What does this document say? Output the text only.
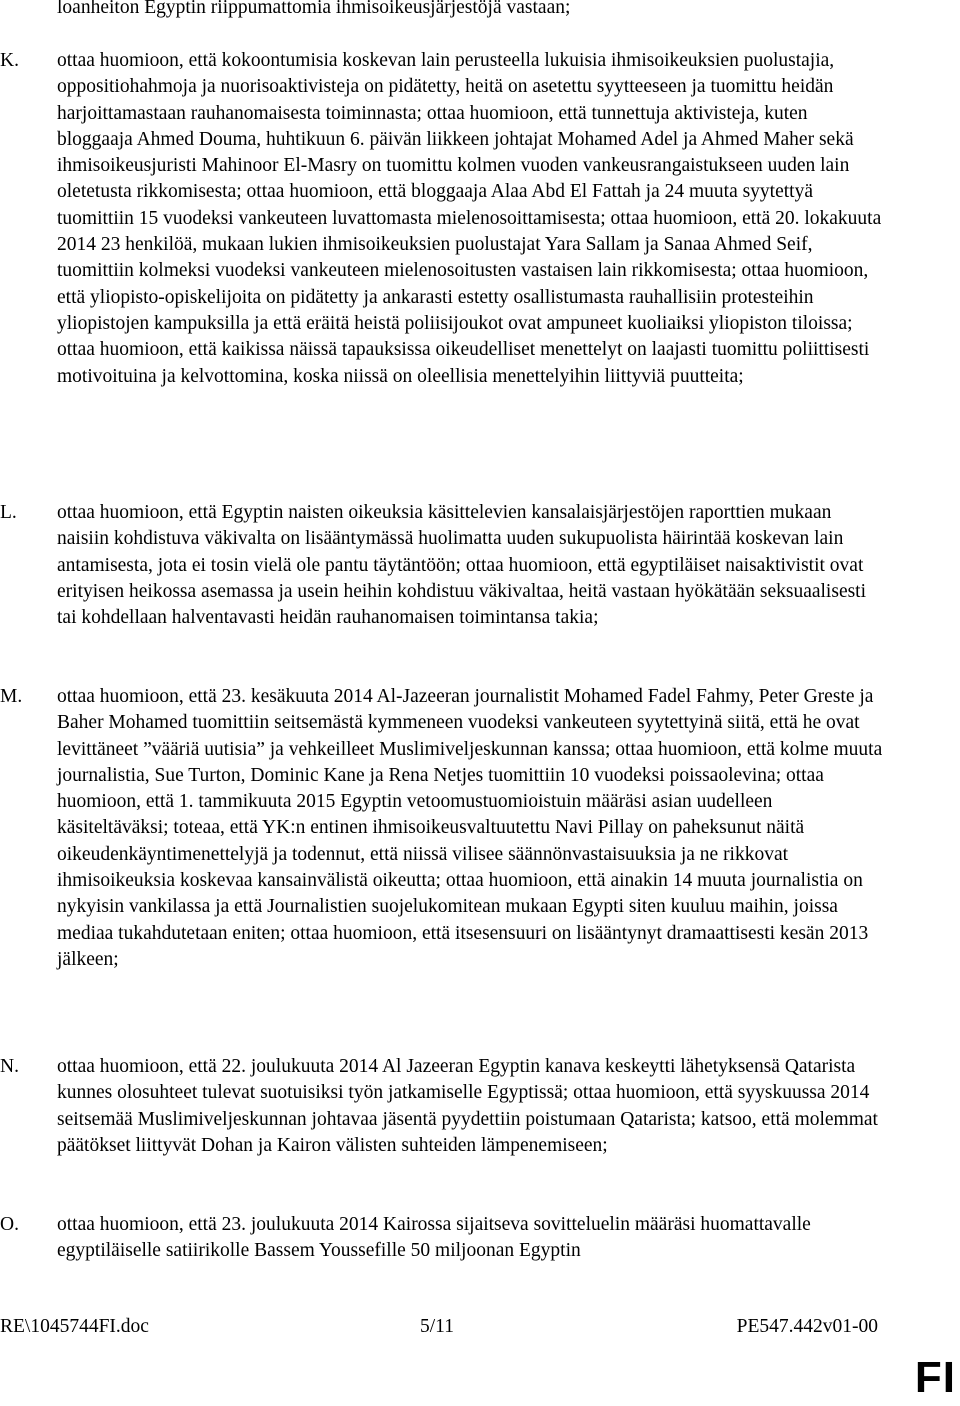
loanheiton Egyptin riippumattomia ihmisoikeusjärjestöjä vastaan;

K. ottaa huomioon, että kokoontumisia koskevan lain perusteella lukuisia ihmisoikeuksien puolustajia, oppositiohahmoja ja nuorisoaktivisteja on pidätetty, heitä on asetettu syytteeseen ja tuomittu heidän harjoittamastaan rauhanomaisesta toiminnasta; ottaa huomioon, että tunnettuja aktivisteja, kuten bloggaaja Ahmed Douma, huhtikuun 6. päivän liikkeen johtajat Mohamed Adel ja Ahmed Maher sekä ihmisoikeusjuristi Mahinoor El-Masry on tuomittu kolmen vuoden vankeusrangaistukseen uuden lain oletetusta rikkomisesta; ottaa huomioon, että bloggaaja Alaa Abd El Fattah ja 24 muuta syytettyä tuomittiin 15 vuodeksi vankeuteen luvattomasta mielenosoittamisesta; ottaa huomioon, että 20. lokakuuta 2014 23 henkilöä, mukaan lukien ihmisoikeuksien puolustajat Yara Sallam ja Sanaa Ahmed Seif, tuomittiin kolmeksi vuodeksi vankeuteen mielenosoitusten vastaisen lain rikkomisesta; ottaa huomioon, että yliopisto-opiskelijoita on pidätetty ja ankarasti estetty osallistumasta rauhallisiin protesteihin yliopistojen kampuksilla ja että eräitä heistä poliisijoukot ovat ampuneet kuoliaiksi yliopiston tiloissa; ottaa huomioon, että kaikissa näissä tapauksissa oikeudelliset menettelyt on laajasti tuomittu poliittisesti motivoituina ja kelvottomina, koska niissä on oleellisia menettelyihin liittyviä puutteita;

L. ottaa huomioon, että Egyptin naisten oikeuksia käsittelevien kansalaisjärjestöjen raporttien mukaan naisiin kohdistuva väkivalta on lisääntymässä huolimatta uuden sukupuolista häirintää koskevan lain antamisesta, jota ei tosin vielä ole pantu täytäntöön; ottaa huomioon, että egyptiläiset naisaktivistit ovat erityisen heikossa asemassa ja usein heihin kohdistuu väkivaltaa, heitä vastaan hyökätään seksuaalisesti tai kohdellaan halventavasti heidän rauhanomaisen toimintansa takia;

M. ottaa huomioon, että 23. kesäkuuta 2014 Al-Jazeeran journalistit Mohamed Fadel Fahmy, Peter Greste ja Baher Mohamed tuomittiin seitsemästä kymmeneen vuodeksi vankeuteen syytettyinä siitä, että he ovat levittäneet ”vääriä uutisia” ja vehkeilleet Muslimiveljeskunnan kanssa; ottaa huomioon, että kolme muuta journalistia, Sue Turton, Dominic Kane ja Rena Netjes tuomittiin 10 vuodeksi poissaolevina; ottaa huomioon, että 1. tammikuuta 2015 Egyptin vetoomustuomioistuin määräsi asian uudelleen käsiteltäväksi; toteaa, että YK:n entinen ihmisoikeusvaltuutettu Navi Pillay on paheksunut näitä oikeudenkäyntimenettelyjä ja todennut, että niissä vilisee säännönvastaisuuksia ja ne rikkovat ihmisoikeuksia koskevaa kansainvälistä oikeutta; ottaa huomioon, että ainakin 14 muuta journalistia on nykyisin vankilassa ja että Journalistien suojelukomitean mukaan Egypti siten kuuluu maihin, joissa mediaa tukahdutetaan eniten; ottaa huomioon, että itsesensuuri on lisääntynyt dramaattisesti kesän 2013 jälkeen;

N. ottaa huomioon, että 22. joulukuuta 2014 Al Jazeeran Egyptin kanava keskeytti lähetyksensä Qatarista kunnes olosuhteet tulevat suotuisiksi työn jatkamiselle Egyptissä; ottaa huomioon, että syyskuussa 2014 seitsemää Muslimiveljeskunnan johtavaa jäsentä pyydettiin poistumaan Qatarista; katsoo, että molemmat päätökset liittyvät Dohan ja Kairon välisten suhteiden lämpenemiseen;

O. ottaa huomioon, että 23. joulukuuta 2014 Kairossa sijaitseva sovitteluelin määräsi huomattavalle egyptiläiselle satiirikolle Bassem Youssefille 50 miljoonan Egyptin

RE\1045744FI.doc	5/11	PE547.442v01-00
FI
